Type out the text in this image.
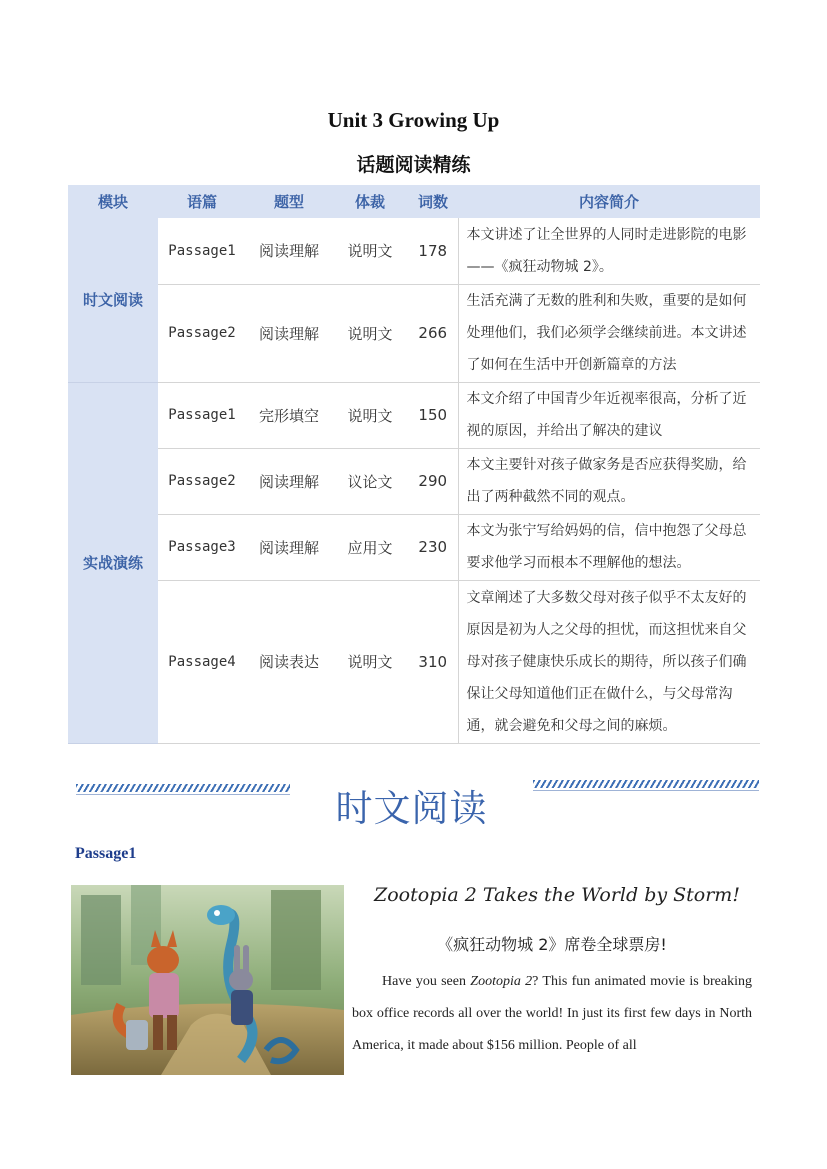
Unit 3 Growing Up
话题阅读精练
模块	语篇	题型	体裁	词数	内容简介
时文阅读	Passage1	阅读理解	说明文	178	本文讲述了让全世界的人同时走进影院的电影——《疯狂动物城 2》。
	Passage2	阅读理解	说明文	266	生活充满了无数的胜利和失败，重要的是如何处理他们，我们必须学会继续前进。本文讲述了如何在生活中开创新篇章的方法
实战演练	Passage1	完形填空	说明文	150	本文介绍了中国青少年近视率很高，分析了近视的原因，并给出了解决的建议
	Passage2	阅读理解	议论文	290	本文主要针对孩子做家务是否应获得奖励，给出了两种截然不同的观点。
	Passage3	阅读理解	应用文	230	本文为张宁写给妈妈的信，信中抱怨了父母总要求他学习而根本不理解他的想法。
	Passage4	阅读表达	说明文	310	文章阐述了大多数父母对孩子似乎不太友好的原因是初为人之父母的担忧，而这担忧来自父母对孩子健康快乐成长的期待，所以孩子们确保让父母知道他们正在做什么，与父母常沟通，就会避免和父母之间的麻烦。
时文阅读
Passage1
Zootopia 2 Takes the World by Storm!
《疯狂动物城 2》席卷全球票房!
Have you seen Zootopia 2? This fun animated movie is breaking box office records all over the world! In just its first few days in North America, it made about $156 million. People of all
